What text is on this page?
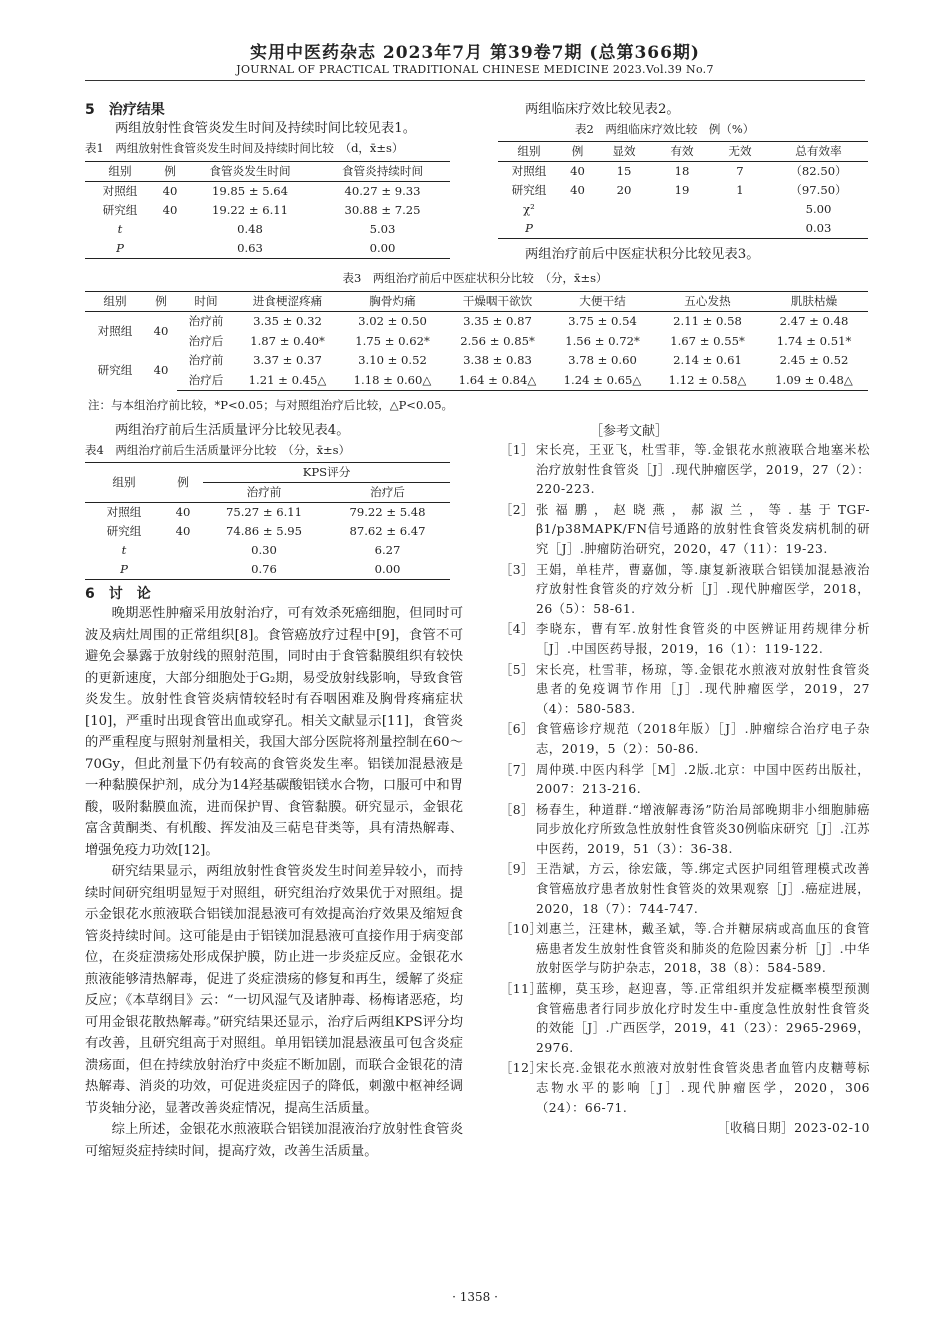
实用中医药杂志 2023年7月 第39卷7期 (总第366期)
JOURNAL OF PRACTICAL TRADITIONAL CHINESE MEDICINE 2023.Vol.39 No.7
5　治疗结果
两组放射性食管炎发生时间及持续时间比较见表1。
表1　两组放射性食管炎发生时间及持续时间比较　（d，x̄±s）
组别	例	食管炎发生时间	食管炎持续时间
对照组	40	19.85 ± 5.64	40.27 ± 9.33
研究组	40	19.22 ± 6.11	30.88 ± 7.25
t		0.48	5.03
P		0.63	0.00
两组临床疗效比较见表2。
表2　两组临床疗效比较　例（%）
组别	例	显效	有效	无效	总有效率
对照组	40	15	18	7	（82.50）
研究组	40	20	19	1	（97.50）
χ²					5.00
P					0.03
两组治疗前后中医症状积分比较见表3。
表3　两组治疗前后中医症状积分比较　（分，x̄±s）
组别	例	时间	进食梗涩疼痛	胸骨灼痛	干燥咽干欲饮	大便干结	五心发热	肌肤枯燥
对照组	40	治疗前	3.35 ± 0.32	3.02 ± 0.50	3.35 ± 0.87	3.75 ± 0.54	2.11 ± 0.58	2.47 ± 0.48
		治疗后	1.87 ± 0.40*	1.75 ± 0.62*	2.56 ± 0.85*	1.56 ± 0.72*	1.67 ± 0.55*	1.74 ± 0.51*
研究组	40	治疗前	3.37 ± 0.37	3.10 ± 0.52	3.38 ± 0.83	3.78 ± 0.60	2.14 ± 0.61	2.45 ± 0.52
		治疗后	1.21 ± 0.45△	1.18 ± 0.60△	1.64 ± 0.84△	1.24 ± 0.65△	1.12 ± 0.58△	1.09 ± 0.48△
注：与本组治疗前比较，*P<0.05；与对照组治疗后比较，△P<0.05。
两组治疗前后生活质量评分比较见表4。
表4　两组治疗前后生活质量评分比较　（分，x̄±s）
组别	例	KPS评分	
		治疗前	治疗后
对照组	40	75.27 ± 6.11	79.22 ± 5.48
研究组	40	74.86 ± 5.95	87.62 ± 6.47
t		0.30	6.27
P		0.76	0.00
6　讨　论

晚期恶性肿瘤采用放射治疗，可有效杀死癌细胞，但同时可波及病灶周围的正常组织[8]。食管癌放疗过程中[9]，食管不可避免会暴露于放射线的照射范围，同时由于食管黏膜组织有较快的更新速度，大部分细胞处于G₂期，易受放射线影响，导致食管炎发生。放射性食管炎病情较轻时有吞咽困难及胸骨疼痛症状[10]，严重时出现食管出血或穿孔。相关文献显示[11]，食管炎的严重程度与照射剂量相关，我国大部分医院将剂量控制在60～70Gy，但此剂量下仍有较高的食管炎发生率。铝镁加混悬液是一种黏膜保护剂，成分为14羟基碳酸铝镁水合物，口服可中和胃酸，吸附黏膜血流，进而保护胃、食管黏膜。研究显示，金银花富含黄酮类、有机酸、挥发油及三萜皂苷类等，具有清热解毒、增强免疫力功效[12]。

研究结果显示，两组放射性食管炎发生时间差异较小，而持续时间研究组明显短于对照组，研究组治疗效果优于对照组。提示金银花水煎液联合铝镁加混悬液可有效提高治疗效果及缩短食管炎持续时间。这可能是由于铝镁加混悬液可直接作用于病变部位，在炎症溃疡处形成保护膜，防止进一步炎症反应。金银花水煎液能够清热解毒，促进了炎症溃疡的修复和再生，缓解了炎症反应；《本草纲目》云：“一切风湿气及诸肿毒、杨梅诸恶疮，均可用金银花散热解毒。”研究结果还显示，治疗后两组KPS评分均有改善，且研究组高于对照组。单用铝镁加混悬液虽可包含炎症溃疡面，但在持续放射治疗中炎症不断加剧，而联合金银花的清热解毒、消炎的功效，可促进炎症因子的降低，刺激中枢神经调节炎轴分泌，显著改善炎症情况，提高生活质量。

综上所述，金银花水煎液联合铝镁加混液治疗放射性食管炎可缩短炎症持续时间，提高疗效，改善生活质量。

［参考文献］
［1］ 宋长亮，王亚飞，杜雪菲，等.金银花水煎液联合地塞米松治疗放射性食管炎［J］.现代肿瘤医学，2019，27（2）：220-223.
［2］ 张福鹏，赵晓燕，郝淑兰，等.基于TGF-β1/p38MAPK/FN信号通路的放射性食管炎发病机制的研究［J］.肿瘤防治研究，2020，47（11）：19-23.
［3］ 王娟，单桂芹，曹嘉伽，等.康复新液联合铝镁加混悬液治疗放射性食管炎的疗效分析［J］.现代肿瘤医学，2018，26（5）：58-61.
［4］ 李晓东，曹有军.放射性食管炎的中医辨证用药规律分析［J］.中国医药导报，2019，16（1）：119-122.
［5］ 宋长亮，杜雪菲，杨琼，等.金银花水煎液对放射性食管炎患者的免疫调节作用［J］.现代肿瘤医学，2019，27（4）：580-583.
［6］ 食管癌诊疗规范（2018年版）［J］.肿瘤综合治疗电子杂志，2019，5（2）：50-86.
［7］ 周仲瑛.中医内科学［M］.2版.北京：中国中医药出版社，2007：213-216.
［8］ 杨春生，种道群.“增液解毒汤”防治局部晚期非小细胞肺癌同步放化疗所致急性放射性食管炎30例临床研究［J］.江苏中医药，2019，51（3）：36-38.
［9］ 王浩斌，方云，徐宏箴，等.绑定式医护同组管理模式改善食管癌放疗患者放射性食管炎的效果观察［J］.癌症进展，2020，18（7）：744-747.
［10］
刘惠兰，汪建林，戴圣斌，等.合并糖尿病或高血压的食管癌患者发生放射性食管炎和肺炎的危险因素分析［J］.中华放射医学与防护杂志，2018，38（8）：584-589.
［11］
蓝柳，莫玉珍，赵迎喜，等.正常组织并发症概率模型预测食管癌患者行同步放化疗时发生中-重度急性放射性食管炎的效能［J］.广西医学，2019，41（23）：2965-2969，2976.
［12］
宋长亮.金银花水煎液对放射性食管炎患者血管内皮糖萼标志物水平的影响［J］.现代肿瘤医学，2020，306（24）：66-71.
［收稿日期］2023-02-10
· 1358 ·
